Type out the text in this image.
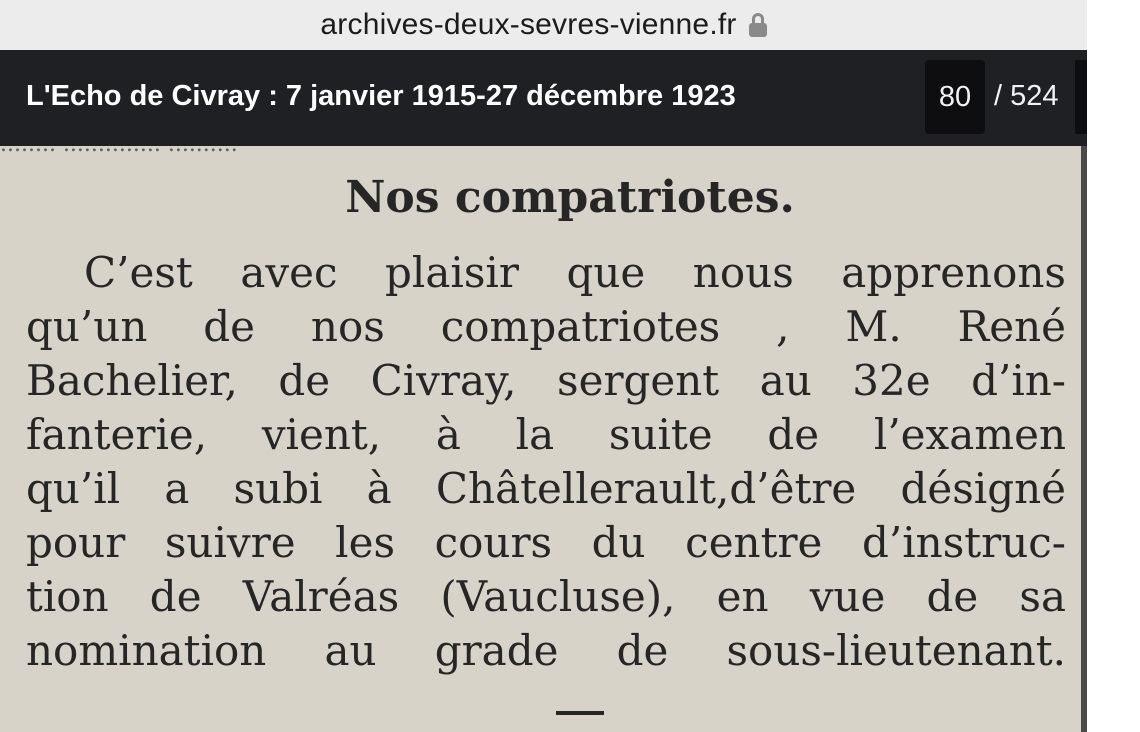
archives-deux-sevres-vienne.fr
L'Echo de Civray : 7 janvier 1915-27 décembre 1923	80 / 524
........ .............. ..........
Nos compatriotes.
C’est avec plaisir que nous apprenons
qu’un de nos compatriotes , M. René
Bachelier, de Civray, sergent au 32e d’in-
fanterie, vient, à la suite de l’examen
qu’il a subi à Châtellerault,d’être désigné
pour suivre les cours du centre d’instruc-
tion de Valréas (Vaucluse), en vue de sa
nomination au grade de sous-lieutenant.
